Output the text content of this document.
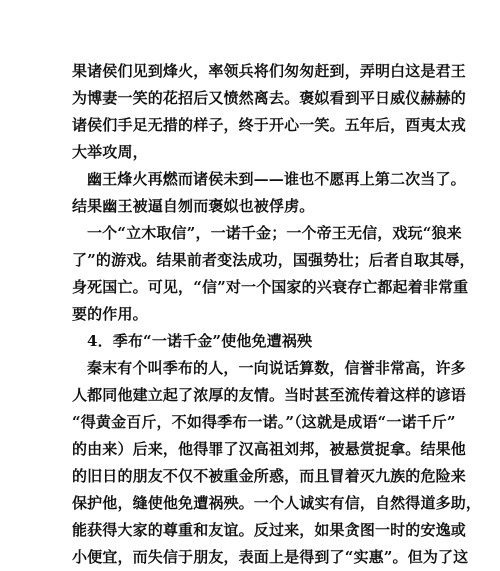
果诸侯们见到烽火，率领兵将们匆匆赶到，弄明白这是君王
为博妻一笑的花招后又愤然离去。褒姒看到平日威仪赫赫的
诸侯们手足无措的样子，终于开心一笑。五年后，酉夷太戎
大举攻周，
幽王烽火再燃而诸侯未到——谁也不愿再上第二次当了。
结果幽王被逼自刎而褒姒也被俘虏。
一个“立木取信”，一诺千金；一个帝王无信，戏玩“狼来
了”的游戏。结果前者变法成功，国强势壮；后者自取其辱，
身死国亡。可见，“信”对一个国家的兴衰存亡都起着非常重
要的作用。
4．季布“一诺千金”使他免遭祸殃
秦末有个叫季布的人，一向说话算数，信誉非常高，许多
人都同他建立起了浓厚的友情。当时甚至流传着这样的谚语
“得黄金百斤，不如得季布一诺。”（这就是成语“一诺千斤”
的由来）后来，他得罪了汉高祖刘邦，被悬赏捉拿。结果他
的旧日的朋友不仅不被重金所惑，而且冒着灭九族的危险来
保护他，缝使他免遭祸殃。一个人诚实有信，自然得道多助，
能获得大家的尊重和友谊。反过来，如果贪图一时的安逸或
小便宜，而失信于朋友，表面上是得到了“实惠”。但为了这
